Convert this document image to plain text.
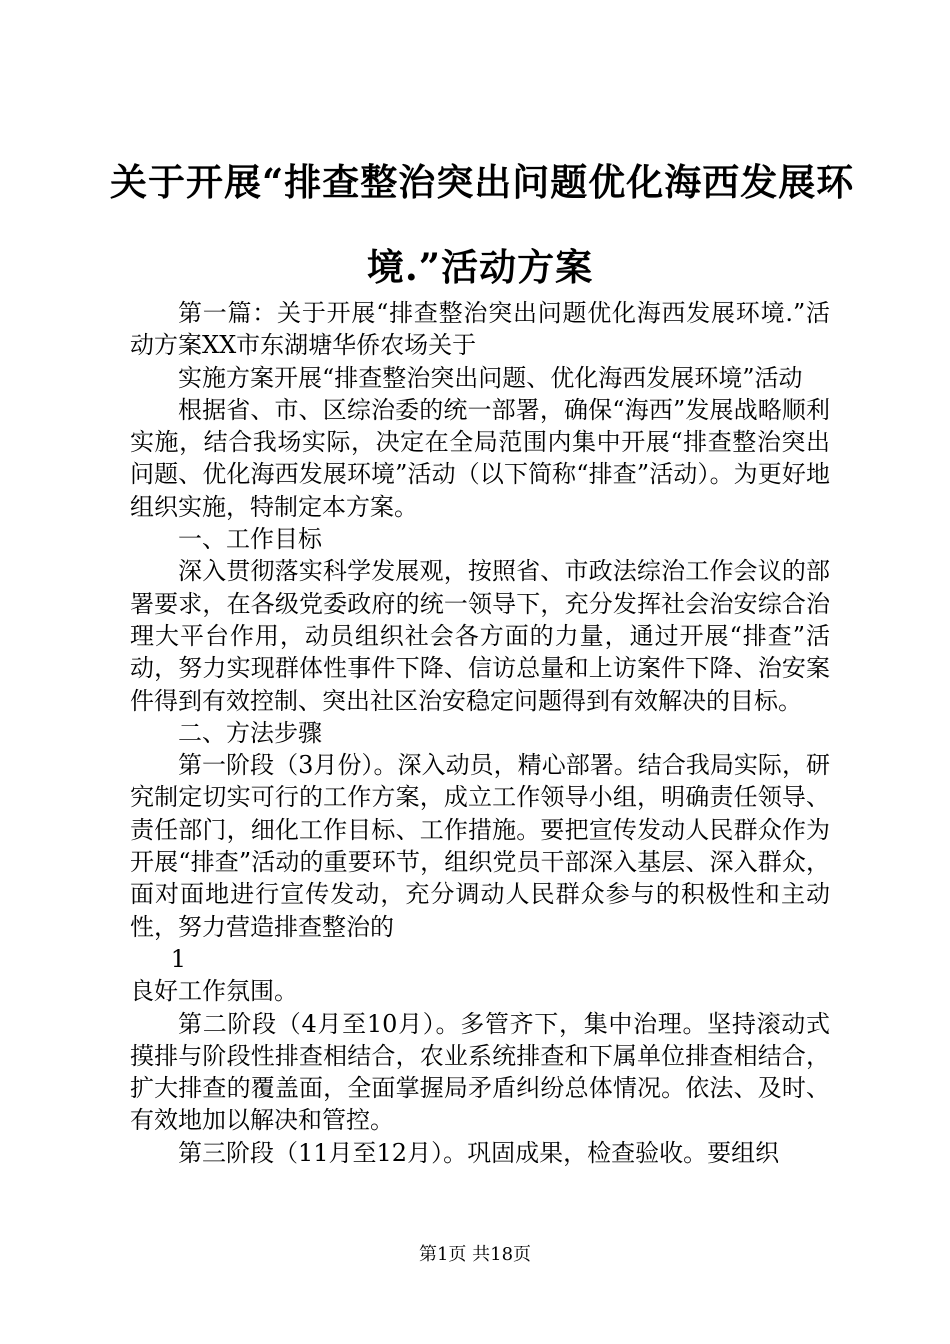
关于开展“排查整治突出问题优化海西发展环
境.”活动方案

第一篇：关于开展“排查整治突出问题优化海西发展环境.”活动方案XX市东湖塘华侨农场关于

实施方案开展“排查整治突出问题、优化海西发展环境”活动

根据省、市、区综治委的统一部署，确保“海西”发展战略顺利实施，结合我场实际，决定在全局范围内集中开展“排查整治突出问题、优化海西发展环境”活动（以下简称“排查”活动）。为更好地组织实施，特制定本方案。

一、工作目标

深入贯彻落实科学发展观，按照省、市政法综治工作会议的部署要求，在各级党委政府的统一领导下，充分发挥社会治安综合治理大平台作用，动员组织社会各方面的力量，通过开展“排查”活动，努力实现群体性事件下降、信访总量和上访案件下降、治安案件得到有效控制、突出社区治安稳定问题得到有效解决的目标。

二、方法步骤

第一阶段（3月份）。深入动员，精心部署。结合我局实际，研究制定切实可行的工作方案，成立工作领导小组，明确责任领导、责任部门，细化工作目标、工作措施。要把宣传发动人民群众作为开展“排查”活动的重要环节，组织党员干部深入基层、深入群众，面对面地进行宣传发动，充分调动人民群众参与的积极性和主动性，努力营造排查整治的

1

良好工作氛围。

第二阶段（4月至10月）。多管齐下，集中治理。坚持滚动式摸排与阶段性排查相结合，农业系统排查和下属单位排查相结合，扩大排查的覆盖面，全面掌握局矛盾纠纷总体情况。依法、及时、有效地加以解决和管控。

第三阶段（11月至12月）。巩固成果，检查验收。要组织

第1页 共18页
